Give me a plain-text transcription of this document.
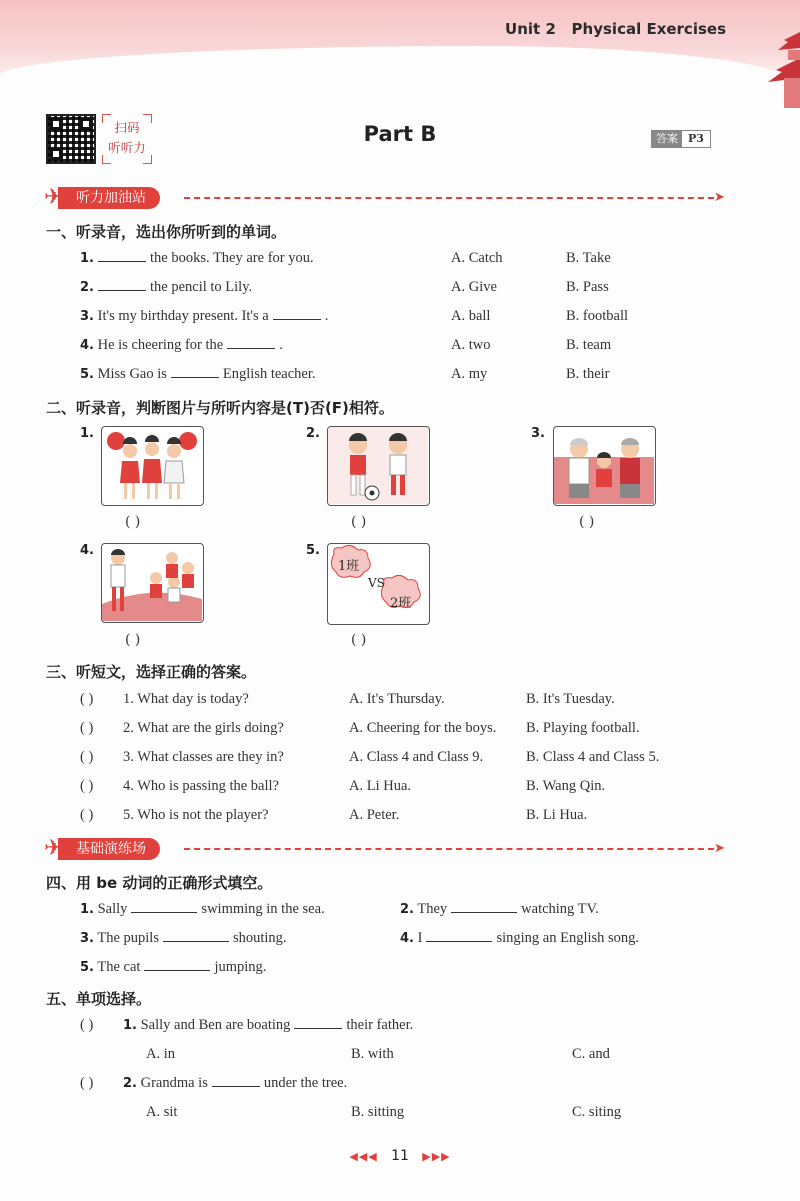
Unit 2   Physical Exercises
扫码
听听力
Part B	答案 P3
➤
听力加油站
✈
一、听录音，选出你所听到的单词。
1.	the books. They are for you.	A. Catch	B. Take
2.	the pencil to Lily.	A. Give	B. Pass
3. It's my birthday present. It's a	.	A. ball	B. football
4. He is cheering for the	.	A. two	B. team
5. Miss Gao is	English teacher.	A. my	B. their
二、听录音，判断图片与所听内容是(T)否(F)相符。
1.
( )
2.
( )
3.
( )
4.
( )
5.
1班
VS
2班
( )
三、听短文，选择正确的答案。
( ) 1. What day is today?	A. It's Thursday.	B. It's Tuesday.
( ) 2. What are the girls doing?	A. Cheering for the boys. B. Playing football.
( ) 3. What classes are they in?	A. Class 4 and Class 9.	B. Class 4 and Class 5.
( ) 4. Who is passing the ball?	A. Li Hua.	B. Wang Qin.
( ) 5. Who is not the player?	A. Peter.	B. Li Hua.
➤
基础演练场
✈
四、用 be 动词的正确形式填空。
1. Sally	swimming in the sea.	2. They	watching TV.
3. The pupils	shouting.	4. I	singing an English song.
5. The cat	jumping.
五、单项选择。
( ) 1. Sally and Ben are boating	their father.
A. in	B. with	C. and
( ) 2. Grandma is	under the tree.
A. sit	B. sitting	C. siting
◀◀◀ 11 ▶▶▶
